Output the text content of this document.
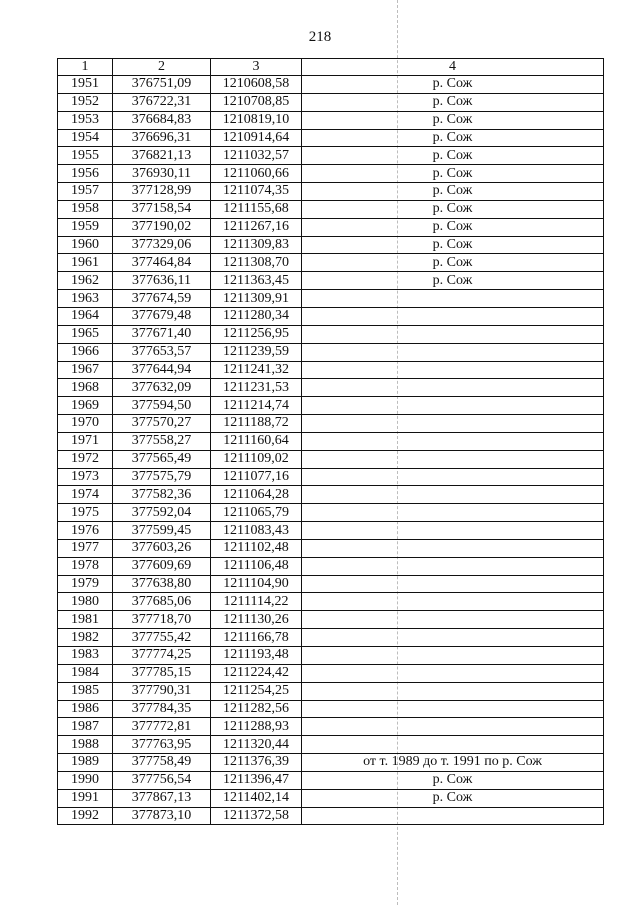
218
1	2	3	4
1951	376751,09	1210608,58	р. Сож
1952	376722,31	1210708,85	р. Сож
1953	376684,83	1210819,10	р. Сож
1954	376696,31	1210914,64	р. Сож
1955	376821,13	1211032,57	р. Сож
1956	376930,11	1211060,66	р. Сож
1957	377128,99	1211074,35	р. Сож
1958	377158,54	1211155,68	р. Сож
1959	377190,02	1211267,16	р. Сож
1960	377329,06	1211309,83	р. Сож
1961	377464,84	1211308,70	р. Сож
1962	377636,11	1211363,45	р. Сож
1963	377674,59	1211309,91	
1964	377679,48	1211280,34	
1965	377671,40	1211256,95	
1966	377653,57	1211239,59	
1967	377644,94	1211241,32	
1968	377632,09	1211231,53	
1969	377594,50	1211214,74	
1970	377570,27	1211188,72	
1971	377558,27	1211160,64	
1972	377565,49	1211109,02	
1973	377575,79	1211077,16	
1974	377582,36	1211064,28	
1975	377592,04	1211065,79	
1976	377599,45	1211083,43	
1977	377603,26	1211102,48	
1978	377609,69	1211106,48	
1979	377638,80	1211104,90	
1980	377685,06	1211114,22	
1981	377718,70	1211130,26	
1982	377755,42	1211166,78	
1983	377774,25	1211193,48	
1984	377785,15	1211224,42	
1985	377790,31	1211254,25	
1986	377784,35	1211282,56	
1987	377772,81	1211288,93	
1988	377763,95	1211320,44	
1989	377758,49	1211376,39	от т. 1989 до т. 1991 по р. Сож
1990	377756,54	1211396,47	р. Сож
1991	377867,13	1211402,14	р. Сож
1992	377873,10	1211372,58	
